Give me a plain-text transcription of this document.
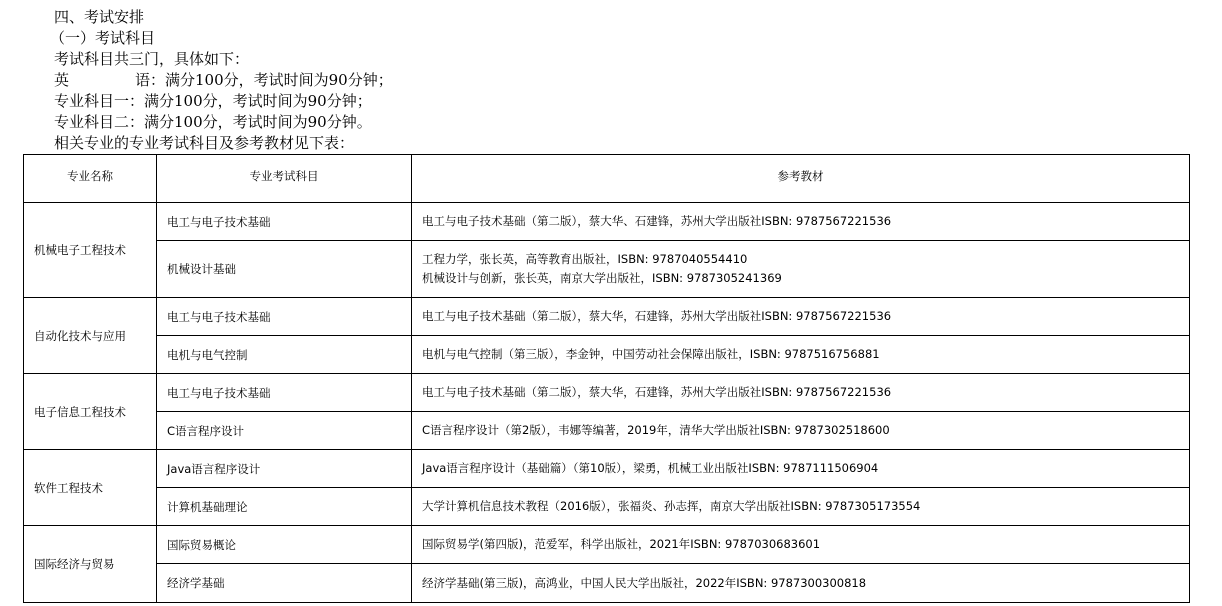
四、考试安排
（一）考试科目
考试科目共三门，具体如下：
英	语 ：满分100分，考试时间为90分钟；
专业科目一：满分100分，考试时间为90分钟；
专业科目二：满分100分，考试时间为90分钟。
相关专业的专业考试科目及参考教材见下表：
专业名称	专业考试科目	参考教材
机械电子工程技术	电工与电子技术基础	电工与电子技术基础（第二版），蔡大华、石建锋，苏州大学出版社ISBN: 9787567221536

	机械设计基础	工程力学，张长英，高等教育出版社，ISBN: 9787040554410
机械设计与创新，张长英，南京大学出版社，ISBN: 9787305241369

自动化技术与应用	电工与电子技术基础	电工与电子技术基础（第二版），蔡大华，石建锋，苏州大学出版社ISBN: 9787567221536

	电机与电气控制	电机与电气控制（第三版），李金钟，中国劳动社会保障出版社，ISBN: 9787516756881

电子信息工程技术	电工与电子技术基础	电工与电子技术基础（第二版），蔡大华，石建锋，苏州大学出版社ISBN: 9787567221536

	C语言程序设计	C语言程序设计（第2版），韦娜等编著，2019年，清华大学出版社ISBN: 9787302518600

软件工程技术	Java语言程序设计	Java语言程序设计（基础篇）（第10版），梁勇，机械工业出版社ISBN: 9787111506904

	计算机基础理论	大学计算机信息技术教程（2016版），张福炎、孙志挥，南京大学出版社ISBN: 9787305173554

国际经济与贸易	国际贸易概论	国际贸易学(第四版)，范爱军，科学出版社，2021年ISBN: 9787030683601

	经济学基础	经济学基础(第三版)，高鸿业，中国人民大学出版社，2022年ISBN: 9787300300818
